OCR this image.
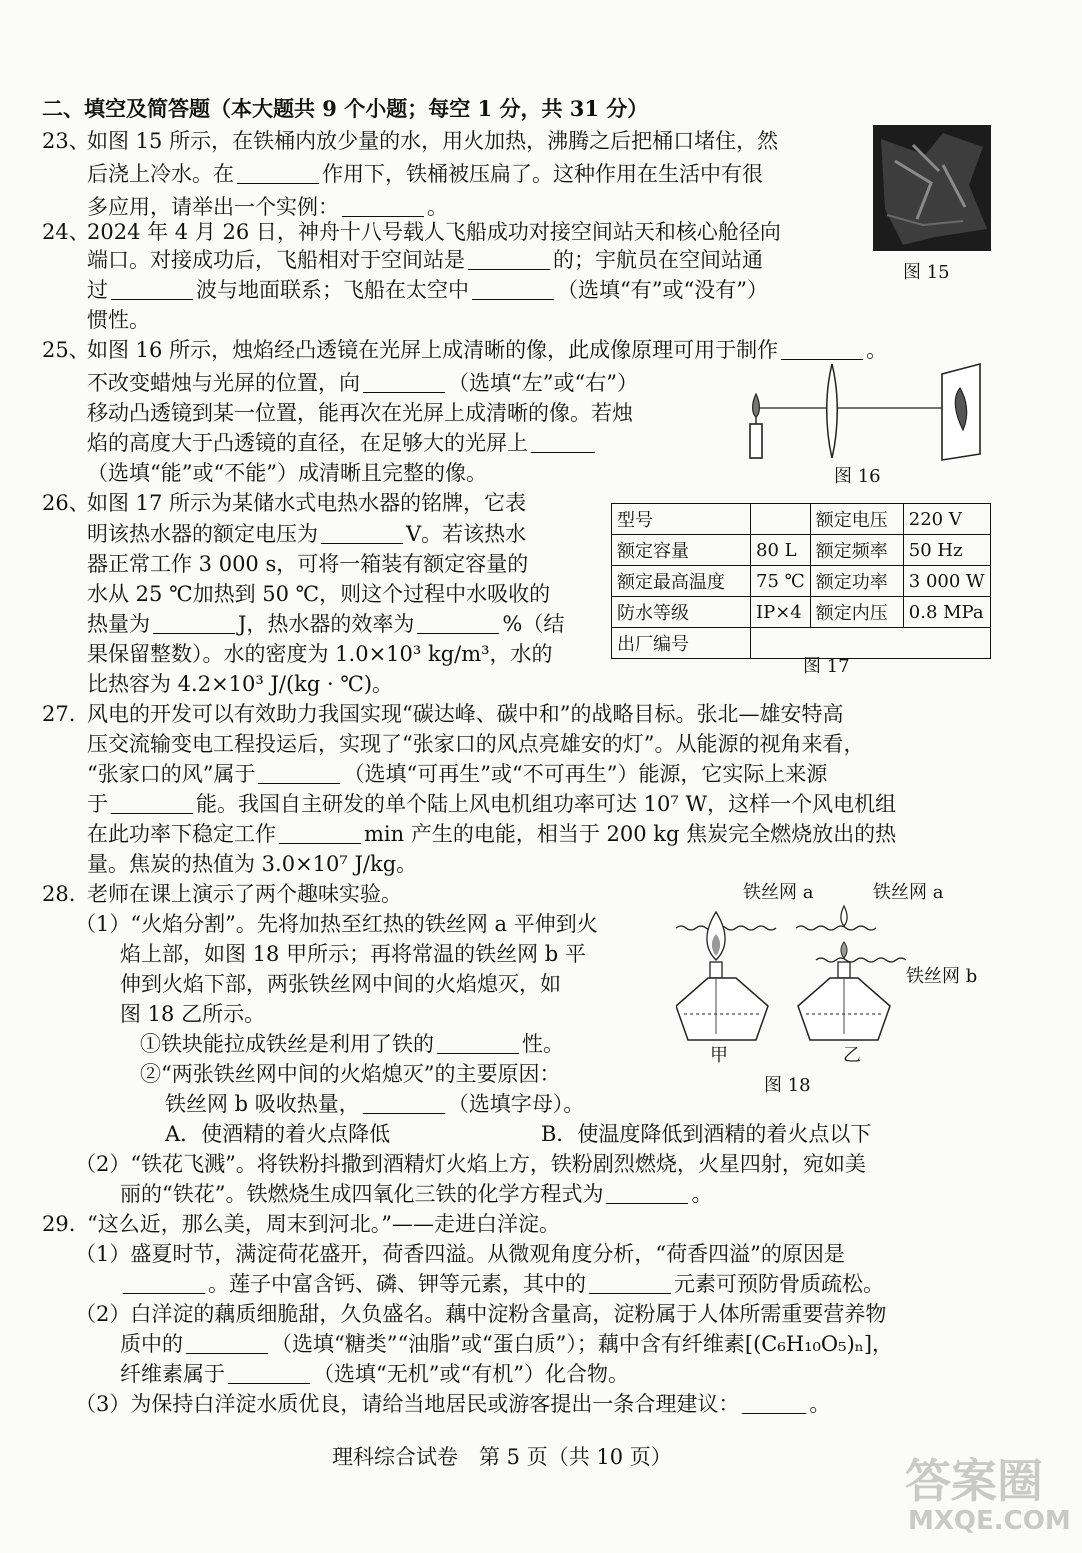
二、填空及简答题（本大题共 9 个小题；每空 1 分，共 31 分）
23、
如图 15 所示，在铁桶内放少量的水，用火加热，沸腾之后把桶口堵住，然
后浇上冷水。在	作用下，铁桶被压扁了。这种作用在生活中有很
多应用，请举出一个实例：	。
图 15
24、
2024 年 4 月 26 日，神舟十八号载人飞船成功对接空间站天和核心舱径向
端口。对接成功后，飞船相对于空间站是	的；宇航员在空间站通
过	波与地面联系；飞船在太空中	（选填“有”或“没有”）
惯性。
25、
如图 16 所示，烛焰经凸透镜在光屏上成清晰的像，此成像原理可用于制作	。
不改变蜡烛与光屏的位置，向	（选填“左”或“右”）
移动凸透镜到某一位置，能再次在光屏上成清晰的像。若烛
焰的高度大于凸透镜的直径，在足够大的光屏上
（选填“能”或“不能”）成清晰且完整的像。	图 16
26、
如图 17 所示为某储水式电热水器的铭牌，它表
明该热水器的额定电压为	V。若该热水
器正常工作 3 000 s，可将一箱装有额定容量的
水从 25 ℃加热到 50 ℃，则这个过程中水吸收的
热量为	J，热水器的效率为	%（结
果保留整数）。水的密度为 1.0×10³ kg/m³，水的
比热容为 4.2×10³ J/(kg · ℃)。
型号		额定电压	220 V
额定容量	80 L	额定频率	50 Hz
额定最高温度	75 ℃	额定功率	3 000 W
防水等级	IP×4	额定内压	0.8 MPa
出厂编号			
图 17
27. 风电的开发可以有效助力我国实现“碳达峰、碳中和”的战略目标。张北—雄安特高
压交流输变电工程投运后，实现了“张家口的风点亮雄安的灯”。从能源的视角来看，
“张家口的风”属于	（选填“可再生”或“不可再生”）能源，它实际上来源
于	能。我国自主研发的单个陆上风电机组功率可达 10⁷ W，这样一个风电机组
在此功率下稳定工作	min 产生的电能，相当于 200 kg 焦炭完全燃烧放出的热
量。焦炭的热值为 3.0×10⁷ J/kg。
28. 老师在课上演示了两个趣味实验。
（1）“火焰分割”。先将加热至红热的铁丝网 a 平伸到火
焰上部，如图 18 甲所示；再将常温的铁丝网 b 平
伸到火焰下部，两张铁丝网中间的火焰熄灭，如
图 18 乙所示。
①铁块能拉成铁丝是利用了铁的	性。
②“两张铁丝网中间的火焰熄灭”的主要原因：
铁丝网 b 吸收热量，	（选填字母）。
A．使酒精的着火点降低	B．使温度降低到酒精的着火点以下
（2）“铁花飞溅”。将铁粉抖撒到酒精灯火焰上方，铁粉剧烈燃烧，火星四射，宛如美
丽的“铁花”。铁燃烧生成四氧化三铁的化学方程式为	。
铁丝网 a	铁丝网 a
铁丝网 b
甲	乙
图 18
29. “这么近，那么美，周末到河北。”——走进白洋淀。
（1）盛夏时节，满淀荷花盛开，荷香四溢。从微观角度分析，“荷香四溢”的原因是
。莲子中富含钙、磷、钾等元素，其中的	元素可预防骨质疏松。
（2）白洋淀的藕质细脆甜，久负盛名。藕中淀粉含量高，淀粉属于人体所需重要营养物
质中的	（选填“糖类”“油脂”或“蛋白质”）；藕中含有纤维素[(C₆H₁₀O₅)ₙ]，
纤维素属于	（选填“无机”或“有机”）化合物。
（3）为保持白洋淀水质优良，请给当地居民或游客提出一条合理建议：	。
理科综合试卷　第 5 页（共 10 页）	答案圈
MXQE.COM
